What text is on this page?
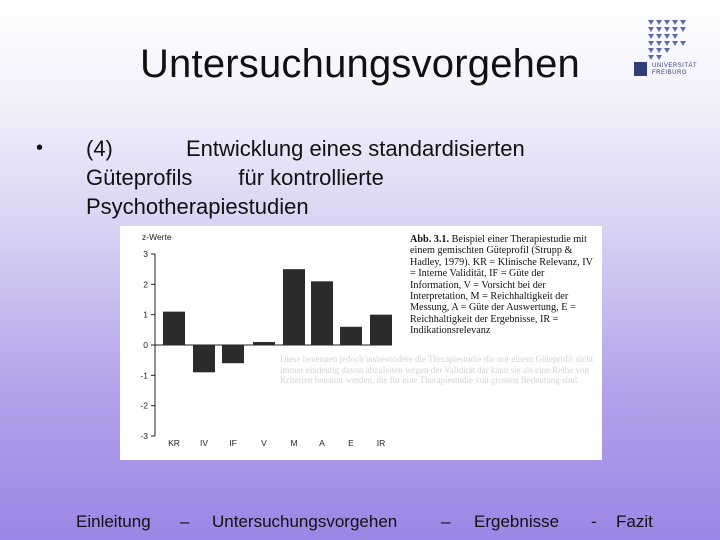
Untersuchungsvorgehen	UNIVERSITÄT
FREIBURG
• (4)	Entwicklung eines standardisierten
Güteprofils für kontrollierte
Psychotherapiestudien
Diese benennen jedoch insbesondere die Therapiestudie die mit einem Güteprofil nicht immer eindeutig davon abzuleiten wegen der Validität dar kann sie als eine Reihe von Kriterien benannt werden, die für eine Therapiestudie von grossen Bedeutung sind.
z-Werte
3
2
1
0
-1
-2
-3
KR IV IF	V	M	A	E	IR
Abb. 3.1. Beispiel einer Therapiestudie mit einem gemischten Güteprofil (Strupp & Hadley, 1979). KR = Klinische Relevanz, IV = Interne Validität, IF = Güte der Information, V = Vorsicht bei der Interpretation, M = Reichhaltigkeit der Messung, A = Güte der Auswertung, E = Reichhaltigkeit der Ergebnisse, IR = Indikationsrelevanz
Einleitung – Untersuchungsvorgehen	– Ergebnisse - Fazit
